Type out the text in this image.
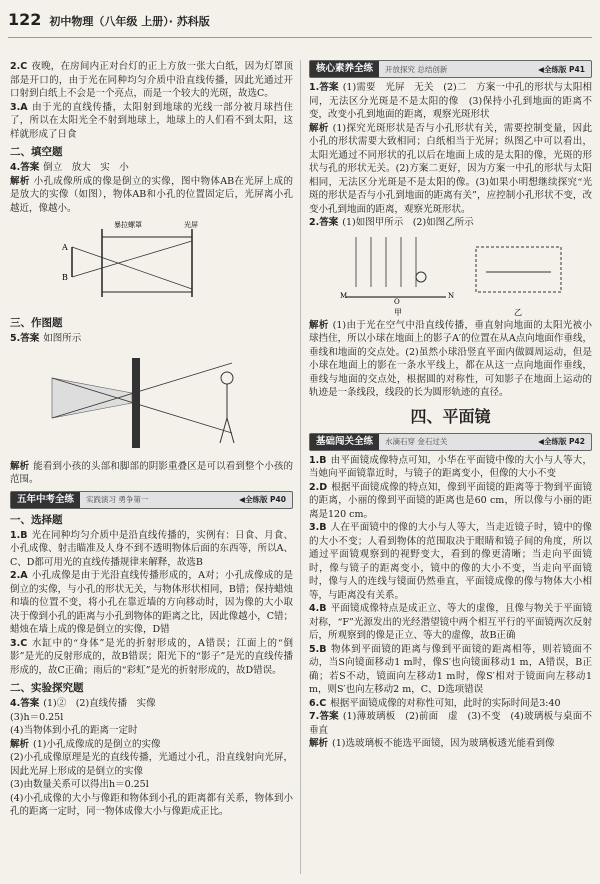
122 初中物理（八年级 上册）· 苏科版

2.C 夜晚，在房间内正对台灯的正上方放一张大白纸，因为灯罩顶部是开口的，由于光在同种均匀介质中沿直线传播，因此光通过开口射到白纸上不会是一个亮点，而是一个较大的光斑，故选C。

3.A 由于光的直线传播，太阳射到地球的光线一部分被月球挡住了，所以在太阳光全不射到地球上，地球上的人们看不到太阳，这样就形成了日食

二、填空题

4.答案 倒立　放大　实　小

解析 小孔成像所成的像是倒立的实像，图中物体AB在光屏上成的是放大的实像（如图），物体AB和小孔的位置固定后，光屏离小孔越近，像越小。

A
B
暴拉螺罩	光屏
三、作图题

5.答案 如图所示

解析 能看到小孩的头部和脚部的阴影重叠区是可以看到整个小孩的范围。

五年中考全练	实践演习 勇争第一	◀全练版 P40
一、选择题

1.B 光在同种均匀介质中是沿直线传播的，实例有：日食、月食、小孔成像、射击瞄准及人身不到不透明物体后面的东西等，所以A、C、D都可用光的直线传播规律来解释，故选B

2.A 小孔成像是由于光沿直线传播形成的，A对；小孔成像成的是倒立的实像，与小孔的形状无关，与物体形状相同，B错；保持蜡烛和墙的位置不变，将小孔在靠近墙的方向移动时，因为像的大小取决于像到小孔的距离与小孔到物体的距离之比，因此像越小，C错；蜡烛在墙上成的像是倒立的实像，D错

3.C 水缸中的“身体”是光的折射形成的，A错误；江面上的“倒影”是光的反射形成的，故B错误；阳光下的“影子”是光的直线传播形成的，故C正确；雨后的“彩虹”是光的折射形成的，故D错误。

二、实验探究题

4.答案 (1)②　(2)直线传播　实像

(3)h＝0.25l

(4)当物体到小孔的距离一定时

解析 (1)小孔成像成的是倒立的实像

(2)小孔成像原理是光的直线传播，光通过小孔，沿直线射向光屏，因此光屏上形成的是倒立的实像

(3)由数量关系可以得出h＝0.25l

(4)小孔成像的大小与像距和物体到小孔的距离都有关系，物体到小孔的距离一定时，同一物体成像大小与像距成正比。

核心素养全练	开放探究 总结创新	◀全练版 P41

1.答案 (1)需要　光屏　无关　(2)二　方案一中孔的形状与太阳相同，无法区分光斑是不是太阳的像　(3)保持小孔到地面的距离不变，改变小孔到地面的距离，观察光斑形状

解析 (1)探究光斑形状是否与小孔形状有关，需要控制变量，因此小孔的形状需要大致相同；白纸相当于光屏；纵图乙中可以看出，太阳光通过不同形状的孔以后在地面上成的是太阳的像，光斑的形状与孔的形状无关。(2)方案二更好，因为方案一中孔的形状与太阳相同，无法区分光斑是不是太阳的像。(3)如果小明想继续探究“光斑的形状是否与小孔到地面的距离有关”，应控制小孔形状不变，改变小孔到地面的距离，观察光斑形状。

2.答案 (1)如图甲所示　(2)如图乙所示

M
O
N
甲	乙

解析 (1)由于光在空气中沿直线传播，垂直射向地面的太阳光被小球挡住，所以小球在地面上的影子A′的位置在从A点向地面作垂线，垂线和地面的交点处。(2)虽然小球沿竖直平面内做圆周运动，但是小球在地面上的影在一条水平线上，都在从这一点向地面作垂线，垂线与地面的交点处，根据圆的对称性，可知影子在地面上运动的轨迹是一条线段，线段的长为圆形轨迹的直径。

四、平面镜
基础闯关全练	水滴石穿 金石过关	◀全练版 P42

1.B 由平面镜成像特点可知，小华在平面镜中像的大小与人等大，当她向平面镜靠近时，与镜子的距离变小，但像的大小不变

2.D 根据平面镜成像的特点知，像到平面镜的距离等于物到平面镜的距离，小丽的像到平面镜的距离也是60 cm，所以像与小丽的距离是120 cm。

3.B 人在平面镜中的像的大小与人等大，当走近镜子时，镜中的像的大小不变；人看到物体的范围取决于眼睛和镜子间的角度，所以通过平面镜观察到的视野变大，看到的像更清晰；当走向平面镜时，像与镜子的距离变小，镜中的像的大小不变，当走向平面镜时，像与人的连线与镜面仍然垂直，平面镜成像的像与物体大小相等，与距离没有关系。

4.B 平面镜成像特点是成正立、等大的虚像，且像与物关于平面镜对称，“F”光源发出的光经潜望镜中两个相互平行的平面镜两次反射后，所观察到的像是正立、等大的虚像，故B正确

5.B 物体到平面镜的距离与像到平面镜的距离相等，则若镜面不动，当S向镜面移动1 m时，像S′也向镜面移动1 m，A错误，B正确；若S不动，镜面向左移动1 m时，像S′相对于镜面向左移动1 m，则S′也向左移动2 m，C、D选项错误

6.C 根据平面镜成像的对称性可知，此时的实际时间是3:40

7.答案 (1)薄玻璃板　(2)前面　虚　(3)不变　(4)玻璃板与桌面不垂直

解析 (1)选玻璃板不能选平面镜，因为玻璃板透光能看到像
